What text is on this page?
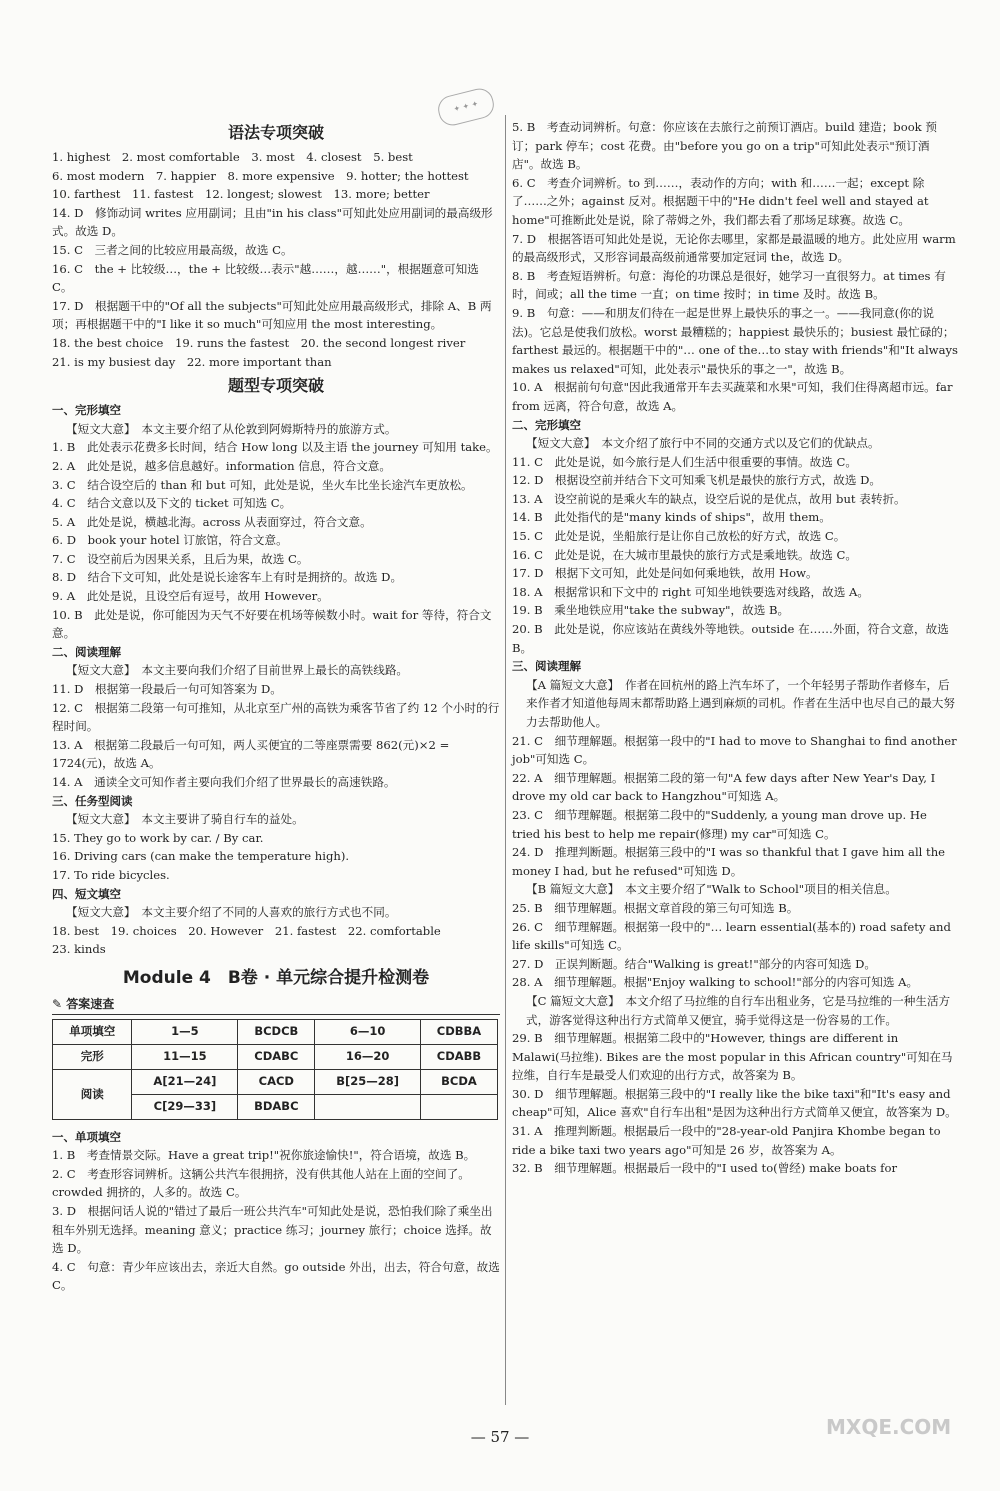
✦ ✦ ✦
语法专项突破
1. highest　2. most comfortable　3. most　4. closest　5. best
6. most modern　7. happier　8. more expensive　9. hotter; the hottest
10. farthest　11. fastest　12. longest; slowest　13. more; better
14. D　修饰动词 writes 应用副词；且由"in his class"可知此处应用副词的最高级形式。故选 D。
15. C　三者之间的比较应用最高级，故选 C。
16. C　the + 比较级…，the + 比较级…表示"越……，越……"，根据题意可知选 C。
17. D　根据题干中的"Of all the subjects"可知此处应用最高级形式，排除 A、B 两项；再根据题干中的"I like it so much"可知应用 the most interesting。
18. the best choice　19. runs the fastest　20. the second longest river
21. is my busiest day　22. more important than
题型专项突破
一、完形填空
【短文大意】　本文主要介绍了从伦敦到阿姆斯特丹的旅游方式。
1. B　此处表示花费多长时间，结合 How long 以及主语 the journey 可知用 take。
2. A　此处是说，越多信息越好。information 信息，符合文意。
3. C　结合设空后的 than 和 but 可知，此处是说，坐火车比坐长途汽车更放松。
4. C　结合文意以及下文的 ticket 可知选 C。
5. A　此处是说，横越北海。across 从表面穿过，符合文意。
6. D　book your hotel 订旅馆，符合文意。
7. C　设空前后为因果关系，且后为果，故选 C。
8. D　结合下文可知，此处是说长途客车上有时是拥挤的。故选 D。
9. A　此处是说，且设空后有逗号，故用 However。
10. B　此处是说，你可能因为天气不好要在机场等候数小时。wait for 等待，符合文意。
二、阅读理解
【短文大意】　本文主要向我们介绍了目前世界上最长的高铁线路。
11. D　根据第一段最后一句可知答案为 D。
12. C　根据第二段第一句可推知，从北京至广州的高铁为乘客节省了约 12 个小时的行程时间。
13. A　根据第二段最后一句可知，两人买便宜的二等座票需要 862(元)×2 = 1724(元)，故选 A。
14. A　通读全文可知作者主要向我们介绍了世界最长的高速铁路。
三、任务型阅读
【短文大意】　本文主要讲了骑自行车的益处。
15. They go to work by car. / By car.
16. Driving cars (can make the temperature high).
17. To ride bicycles.
四、短文填空
【短文大意】　本文主要介绍了不同的人喜欢的旅行方式也不同。
18. best　19. choices　20. However　21. fastest　22. comfortable
23. kinds
Module 4　B卷 · 单元综合提升检测卷
✎ 答案速查
单项填空	1—5	BCDCB	6—10	CDBBA
完形	11—15	CDABC	16—20	CDABB
阅读	A[21—24]	CACD	B[25—28]	BCDA
	C[29—33]	BDABC		
一、单项填空
1. B　考查情景交际。Have a great trip!"祝你旅途愉快!"，符合语境，故选 B。
2. C　考查形容词辨析。这辆公共汽车很拥挤，没有供其他人站在上面的空间了。crowded 拥挤的，人多的。故选 C。
3. D　根据问话人说的"错过了最后一班公共汽车"可知此处是说，恐怕我们除了乘坐出租车外别无选择。meaning 意义；practice 练习；journey 旅行；choice 选择。故选 D。
4. C　句意：青少年应该出去，亲近大自然。go outside 外出，出去，符合句意，故选 C。
5. B　考查动词辨析。句意：你应该在去旅行之前预订酒店。build 建造；book 预订；park 停车；cost 花费。由"before you go on a trip"可知此处表示"预订酒店"。故选 B。
6. C　考查介词辨析。to 到……，表动作的方向；with 和……一起；except 除了……之外；against 反对。根据题干中的"He didn't feel well and stayed at home"可推断此处是说，除了蒂姆之外，我们都去看了那场足球赛。故选 C。
7. D　根据答语可知此处是说，无论你去哪里，家都是最温暖的地方。此处应用 warm 的最高级形式，又形容词最高级前通常要加定冠词 the，故选 D。
8. B　考查短语辨析。句意：海伦的功课总是很好，她学习一直很努力。at times 有时，间或；all the time 一直；on time 按时；in time 及时。故选 B。
9. B　句意：——和朋友们待在一起是世界上最快乐的事之一。——我同意(你的说法)。它总是使我们放松。worst 最糟糕的；happiest 最快乐的；busiest 最忙碌的；farthest 最远的。根据题干中的"… one of the…to stay with friends"和"It always makes us relaxed"可知，此处表示"最快乐的事之一"，故选 B。
10. A　根据前句句意"因此我通常开车去买蔬菜和水果"可知，我们住得离超市远。far from 远离，符合句意，故选 A。
二、完形填空
【短文大意】　本文介绍了旅行中不同的交通方式以及它们的优缺点。
11. C　此处是说，如今旅行是人们生活中很重要的事情。故选 C。
12. D　根据设空前并结合下文可知乘飞机是最快的旅行方式，故选 D。
13. A　设空前说的是乘火车的缺点，设空后说的是优点，故用 but 表转折。
14. B　此处指代的是"many kinds of ships"，故用 them。
15. C　此处是说，坐船旅行是让你自己放松的好方式，故选 C。
16. C　此处是说，在大城市里最快的旅行方式是乘地铁。故选 C。
17. D　根据下文可知，此处是问如何乘地铁，故用 How。
18. A　根据常识和下文中的 right 可知坐地铁要选对线路，故选 A。
19. B　乘坐地铁应用"take the subway"，故选 B。
20. B　此处是说，你应该站在黄线外等地铁。outside 在……外面，符合文意，故选 B。
三、阅读理解
【A 篇短文大意】　作者在回杭州的路上汽车坏了，一个年轻男子帮助作者修车，后来作者才知道他每周末都帮助路上遇到麻烦的司机。作者在生活中也尽自己的最大努力去帮助他人。
21. C　细节理解题。根据第一段中的"I had to move to Shanghai to find another job"可知选 C。
22. A　细节理解题。根据第二段的第一句"A few days after New Year's Day, I drove my old car back to Hangzhou"可知选 A。
23. C　细节理解题。根据第二段中的"Suddenly, a young man drove up. He tried his best to help me repair(修理) my car"可知选 C。
24. D　推理判断题。根据第三段中的"I was so thankful that I gave him all the money I had, but he refused"可知选 D。
【B 篇短文大意】　本文主要介绍了"Walk to School"项目的相关信息。
25. B　细节理解题。根据文章首段的第三句可知选 B。
26. C　细节理解题。根据第一段中的"… learn essential(基本的) road safety and life skills"可知选 C。
27. D　正误判断题。结合"Walking is great!"部分的内容可知选 D。
28. A　细节理解题。根据"Enjoy walking to school!"部分的内容可知选 A。
【C 篇短文大意】　本文介绍了马拉维的自行车出租业务，它是马拉维的一种生活方式，游客觉得这种出行方式简单又便宜，骑手觉得这是一份容易的工作。
29. B　细节理解题。根据第二段中的"However, things are different in Malawi(马拉维). Bikes are the most popular in this African country"可知在马拉维，自行车是最受人们欢迎的出行方式，故答案为 B。
30. D　细节理解题。根据第三段中的"I really like the bike taxi"和"It's easy and cheap"可知，Alice 喜欢"自行车出租"是因为这种出行方式简单又便宜，故答案为 D。
31. A　推理判断题。根据最后一段中的"28-year-old Panjira Khombe began to ride a bike taxi two years ago"可知是 26 岁，故答案为 A。
32. B　细节理解题。根据最后一段中的"I used to(曾经) make boats for
— 57 —	MXQE.COM
